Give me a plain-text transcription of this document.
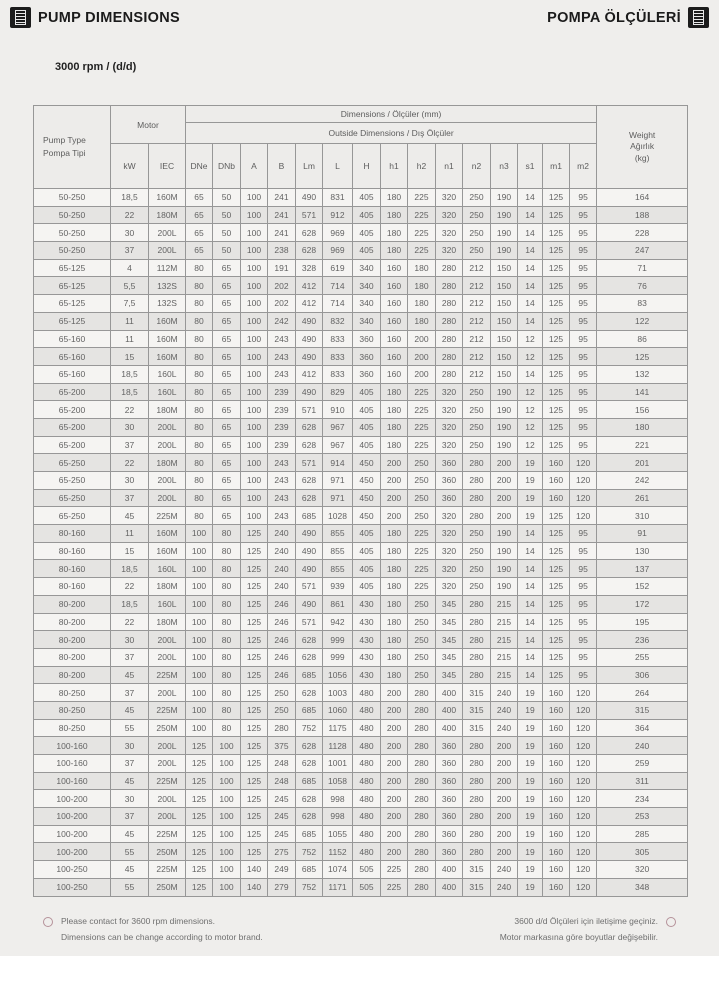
PUMP DIMENSIONS	POMPA ÖLÇÜLERİ
3000 rpm / (d/d)
Pump Type
Pompa Tipi
	Motor	Dimensions / Ölçüler (mm)	
Weight
Ağırlık
(kg)

			Outside Dimensions / Dış Ölçüler															
	kW	IEC	DNe	DNb	A	B	Lm	L	H	h1	h2	n1	n2	n3	s1	m1	m2	
50-250	18,5	160M	65	50	100	241	490	831	405	180	225	320	250	190	14	125	95	164
50-250	22	180M	65	50	100	241	571	912	405	180	225	320	250	190	14	125	95	188
50-250	30	200L	65	50	100	241	628	969	405	180	225	320	250	190	14	125	95	228
50-250	37	200L	65	50	100	238	628	969	405	180	225	320	250	190	14	125	95	247
65-125	4	112M	80	65	100	191	328	619	340	160	180	280	212	150	14	125	95	71
65-125	5,5	132S	80	65	100	202	412	714	340	160	180	280	212	150	14	125	95	76
65-125	7,5	132S	80	65	100	202	412	714	340	160	180	280	212	150	14	125	95	83
65-125	11	160M	80	65	100	242	490	832	340	160	180	280	212	150	14	125	95	122
65-160	11	160M	80	65	100	243	490	833	360	160	200	280	212	150	12	125	95	86
65-160	15	160M	80	65	100	243	490	833	360	160	200	280	212	150	12	125	95	125
65-160	18,5	160L	80	65	100	243	412	833	360	160	200	280	212	150	14	125	95	132
65-200	18,5	160L	80	65	100	239	490	829	405	180	225	320	250	190	12	125	95	141
65-200	22	180M	80	65	100	239	571	910	405	180	225	320	250	190	12	125	95	156
65-200	30	200L	80	65	100	239	628	967	405	180	225	320	250	190	12	125	95	180
65-200	37	200L	80	65	100	239	628	967	405	180	225	320	250	190	12	125	95	221
65-250	22	180M	80	65	100	243	571	914	450	200	250	360	280	200	19	160	120	201
65-250	30	200L	80	65	100	243	628	971	450	200	250	360	280	200	19	160	120	242
65-250	37	200L	80	65	100	243	628	971	450	200	250	360	280	200	19	160	120	261
65-250	45	225M	80	65	100	243	685	1028	450	200	250	320	280	200	19	125	120	310
80-160	11	160M	100	80	125	240	490	855	405	180	225	320	250	190	14	125	95	91
80-160	15	160M	100	80	125	240	490	855	405	180	225	320	250	190	14	125	95	130
80-160	18,5	160L	100	80	125	240	490	855	405	180	225	320	250	190	14	125	95	137
80-160	22	180M	100	80	125	240	571	939	405	180	225	320	250	190	14	125	95	152
80-200	18,5	160L	100	80	125	246	490	861	430	180	250	345	280	215	14	125	95	172
80-200	22	180M	100	80	125	246	571	942	430	180	250	345	280	215	14	125	95	195
80-200	30	200L	100	80	125	246	628	999	430	180	250	345	280	215	14	125	95	236
80-200	37	200L	100	80	125	246	628	999	430	180	250	345	280	215	14	125	95	255
80-200	45	225M	100	80	125	246	685	1056	430	180	250	345	280	215	14	125	95	306
80-250	37	200L	100	80	125	250	628	1003	480	200	280	400	315	240	19	160	120	264
80-250	45	225M	100	80	125	250	685	1060	480	200	280	400	315	240	19	160	120	315
80-250	55	250M	100	80	125	280	752	1175	480	200	280	400	315	240	19	160	120	364
100-160	30	200L	125	100	125	375	628	1128	480	200	280	360	280	200	19	160	120	240
100-160	37	200L	125	100	125	248	628	1001	480	200	280	360	280	200	19	160	120	259
100-160	45	225M	125	100	125	248	685	1058	480	200	280	360	280	200	19	160	120	311
100-200	30	200L	125	100	125	245	628	998	480	200	280	360	280	200	19	160	120	234
100-200	37	200L	125	100	125	245	628	998	480	200	280	360	280	200	19	160	120	253
100-200	45	225M	125	100	125	245	685	1055	480	200	280	360	280	200	19	160	120	285
100-200	55	250M	125	100	125	275	752	1152	480	200	280	360	280	200	19	160	120	305
100-250	45	225M	125	100	140	249	685	1074	505	225	280	400	315	240	19	160	120	320
100-250	55	250M	125	100	140	279	752	1171	505	225	280	400	315	240	19	160	120	348
Please contact for 3600 rpm dimensions.
Dimensions can be change according to motor brand.
3600 d/d Ölçüleri için iletişime geçiniz.
Motor markasına göre boyutlar değişebilir.
